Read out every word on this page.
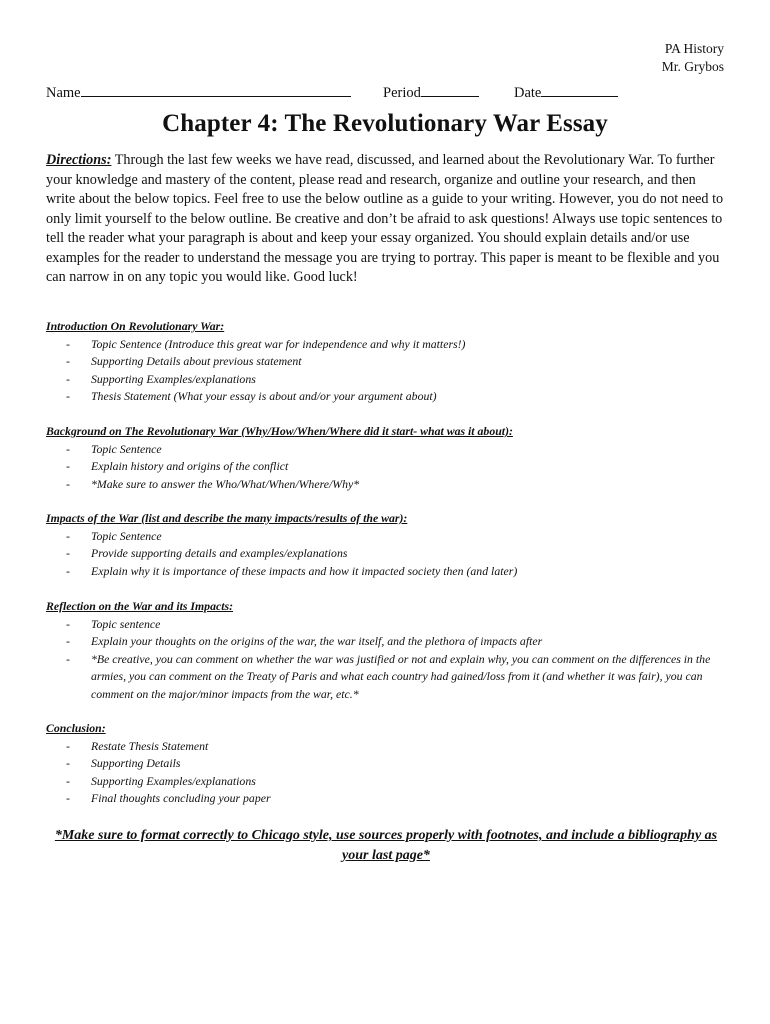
PA History
Mr. Grybos
Name	Period	Date
Chapter 4: The Revolutionary War Essay
Directions: Through the last few weeks we have read, discussed, and learned about the Revolutionary War. To further your knowledge and mastery of the content, please read and research, organize and outline your research, and then write about the below topics. Feel free to use the below outline as a guide to your writing. However, you do not need to only limit yourself to the below outline. Be creative and don’t be afraid to ask questions! Always use topic sentences to tell the reader what your paragraph is about and keep your essay organized. You should explain details and/or use examples for the reader to understand the message you are trying to portray. This paper is meant to be flexible and you can narrow in on any topic you would like. Good luck!
Introduction On Revolutionary War:
- Topic Sentence (Introduce this great war for independence and why it matters!)
- Supporting Details about previous statement
- Supporting Examples/explanations
- Thesis Statement (What your essay is about and/or your argument about)
Background on The Revolutionary War (Why/How/When/Where did it start- what was it about):
- Topic Sentence
- Explain history and origins of the conflict
- *Make sure to answer the Who/What/When/Where/Why*
Impacts of the War (list and describe the many impacts/results of the war):
- Topic Sentence
- Provide supporting details and examples/explanations
- Explain why it is importance of these impacts and how it impacted society then (and later)
Reflection on the War and its Impacts:
- Topic sentence
- Explain your thoughts on the origins of the war, the war itself, and the plethora of impacts after
- *Be creative, you can comment on whether the war was justified or not and explain why, you can comment on the differences in the armies, you can comment on the Treaty of Paris and what each country had gained/loss from it (and whether it was fair), you can comment on the major/minor impacts from the war, etc.*
Conclusion:
- Restate Thesis Statement
- Supporting Details
- Supporting Examples/explanations
- Final thoughts concluding your paper
*Make sure to format correctly to Chicago style, use sources properly with footnotes, and include a bibliography as your last page*
